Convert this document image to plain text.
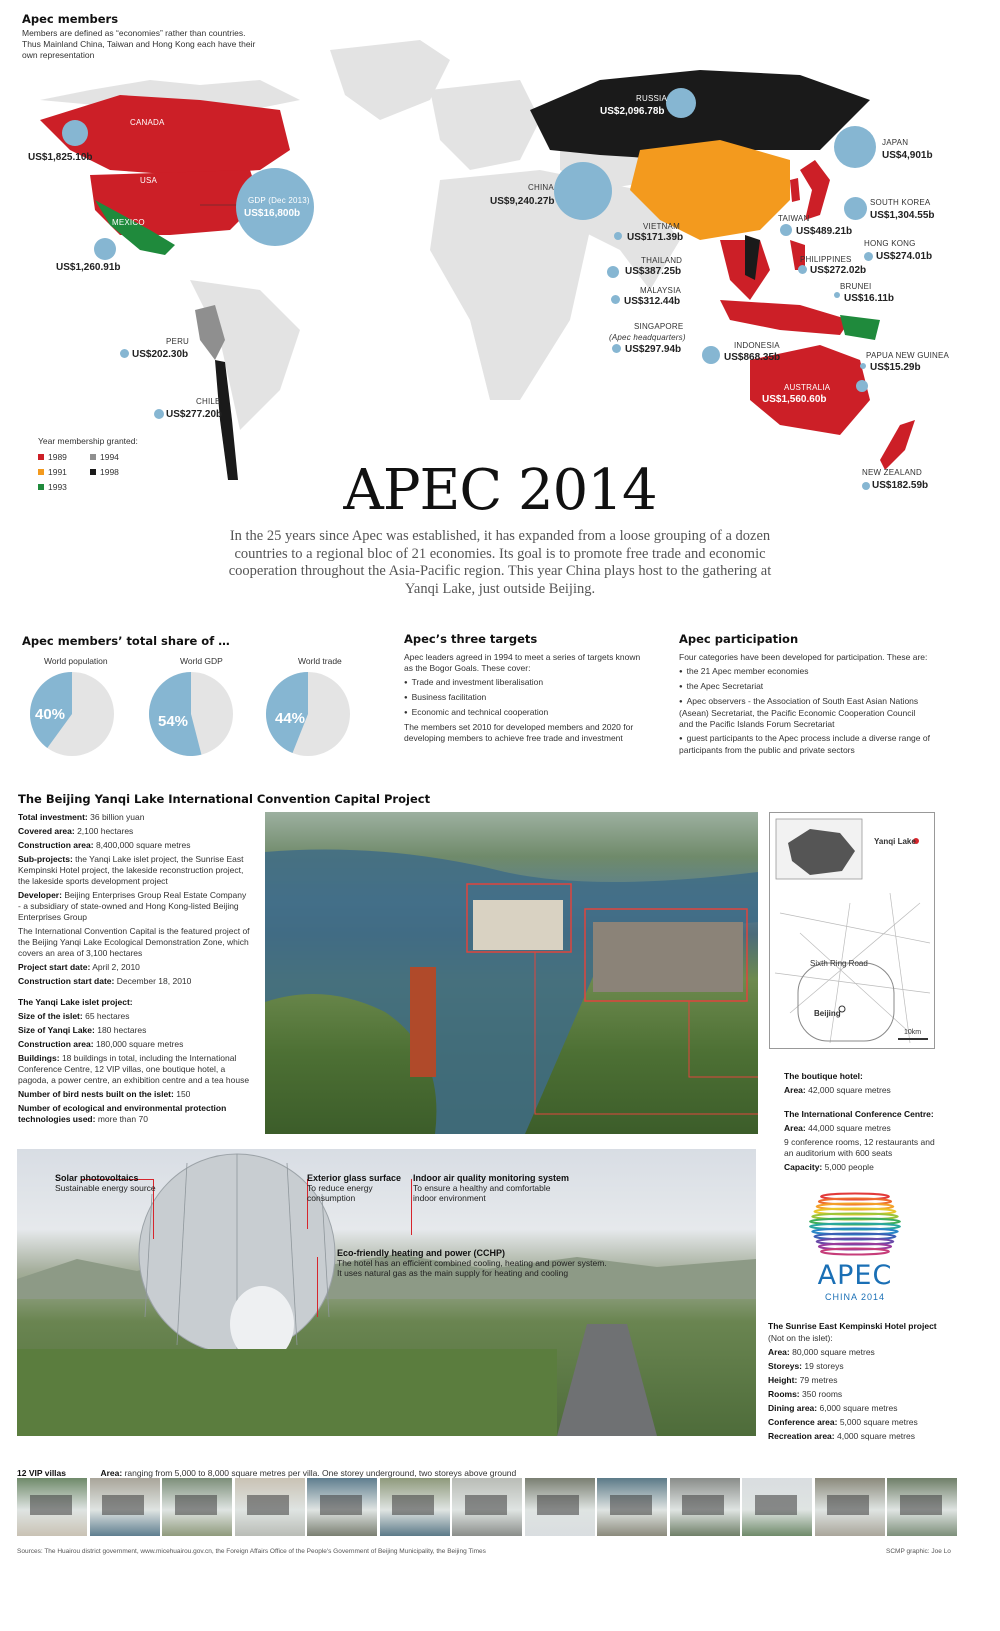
Apec members
Members are defined as “economies” rather than countries. Thus Mainland China, Taiwan and Hong Kong each have their own representation
CANADA
US$1,825.10b
USA
GDP (Dec 2013)
US$16,800b
MEXICO
US$1,260.91b
PERU
US$202.30b
CHILE
US$277.20b
RUSSIA
US$2,096.78b
CHINA
US$9,240.27b
JAPAN
US$4,901b
SOUTH KOREA
US$1,304.55b
TAIWAN
US$489.21b
HONG KONG
US$274.01b
VIETNAM
US$171.39b
THAILAND
US$387.25b
PHILIPPINES
US$272.02b
BRUNEI
US$16.11b
MALAYSIA
US$312.44b
SINGAPORE
(Apec headquarters)
US$297.94b	INDONESIA
US$868.35b	PAPUA NEW GUINEA
US$15.29b
AUSTRALIA
US$1,560.60b
NEW ZEALAND
US$182.59b
Year membership granted:
1989	1994
1991	1998
1993	APEC 2014
In the 25 years since Apec was established, it has expanded from a loose grouping of a dozen countries to a regional bloc of 21 economies. Its goal is to promote free trade and economic cooperation throughout the Asia-Pacific region. This year China plays host to the gathering at Yanqi Lake, just outside Beijing.
Apec members’ total share of …
World population	World GDP	World trade
40%	54%	44%
Apec’s three targets
Apec leaders agreed in 1994 to meet a series of targets known as the Bogor Goals. These cover:
● Trade and investment liberalisation
● Business facilitation
● Economic and technical cooperation
The members set 2010 for developed members and 2020 for developing members to achieve free trade and investment
Apec participation
Four categories have been developed for participation. These are:
● the 21 Apec member economies
● the Apec Secretariat
● Apec observers - the Association of South East Asian Nations (Asean) Secretariat, the Pacific Economic Cooperation Council and the Pacific Islands Forum Secretariat
● guest participants to the Apec process include a diverse range of participants from the public and private sectors
The Beijing Yanqi Lake International Convention Capital Project
Total investment: 36 billion yuan
Covered area: 2,100 hectares
Construction area: 8,400,000 square metres
Sub-projects: the Yanqi Lake islet project, the Sunrise East Kempinski Hotel project, the lakeside reconstruction project, the lakeside sports development project
Developer: Beijing Enterprises Group Real Estate Company - a subsidiary of state-owned and Hong Kong-listed Beijing Enterprises Group
The International Convention Capital is the featured project of the Beijing Yanqi Lake Ecological Demonstration Zone, which covers an area of 3,100 hectares
Project start date: April 2, 2010
Construction start date: December 18, 2010
The Yanqi Lake islet project:
Size of the islet: 65 hectares
Size of Yanqi Lake: 180 hectares
Construction area: 180,000 square metres
Buildings: 18 buildings in total, including the International Conference Centre, 12 VIP villas, one boutique hotel, a pagoda, a power centre, an exhibition centre and a tea house
Number of bird nests built on the islet: 150
Number of ecological and environmental protection technologies used: more than 70
Yanqi Lake
Sixth Ring Road
Beijing
10km
The boutique hotel:
Area: 42,000 square metres
The International Conference Centre:
Area: 44,000 square metres
9 conference rooms, 12 restaurants and an auditorium with 600 seats
Capacity: 5,000 people
Solar photovoltaics
Sustainable energy source
Exterior glass surface
To reduce energy consumption
Indoor air quality monitoring system
To ensure a healthy and comfortable indoor environment
Eco-friendly heating and power (CCHP)
The hotel has an efficient combined cooling, heating and power system. It uses natural gas as the main supply for heating and cooling	APEC
CHINA 2014
The Sunrise East Kempinski Hotel project
(Not on the islet):
Area: 80,000 square metres
Storeys: 19 storeys
Height: 79 metres
Rooms: 350 rooms
Dining area: 6,000 square metres
Conference area: 5,000 square metres
Recreation area: 4,000 square metres
12 VIP villas	Area: ranging from 5,000 to 8,000 square metres per villa. One storey underground, two storeys above ground
Sources: The Huairou district government, www.micehuairou.gov.cn, the Foreign Affairs Office of the People's Government of Beijing Municipality, the Beijing Times	SCMP graphic: Joe Lo
